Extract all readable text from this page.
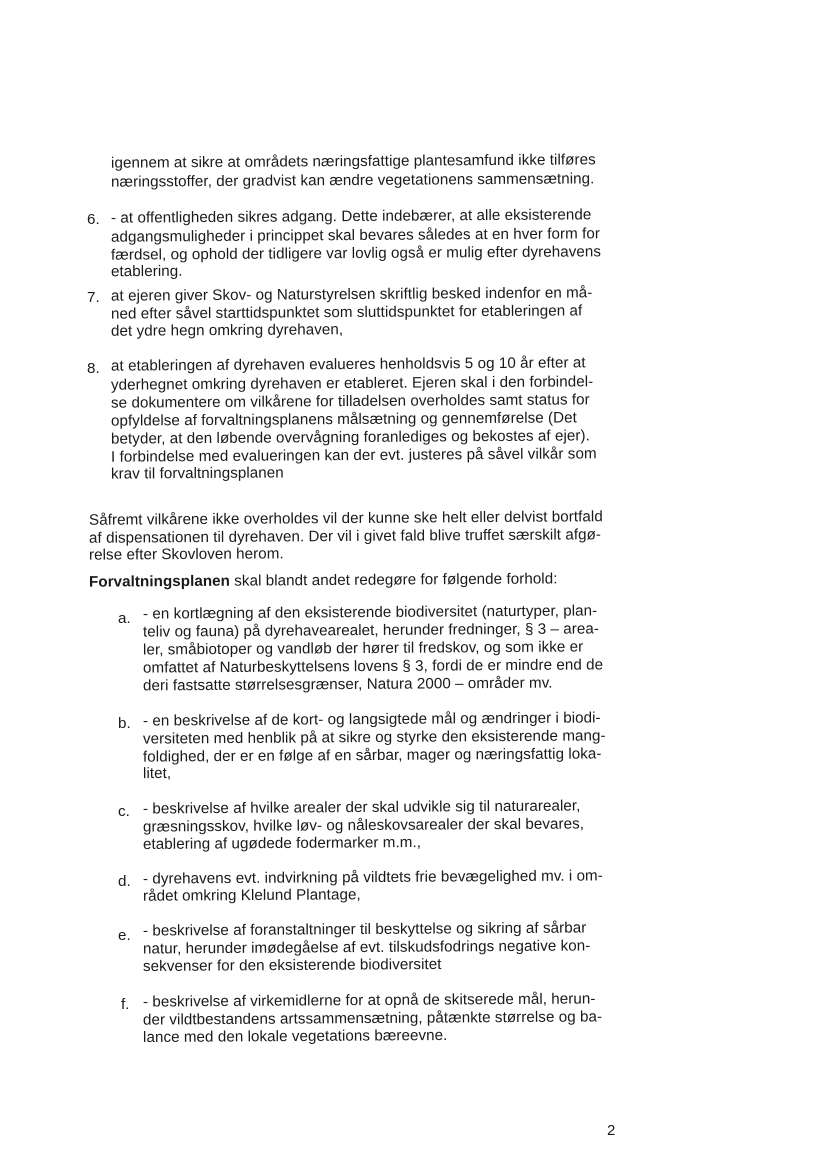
igennem at sikre at områdets næringsfattige plantesamfund ikke tilføres
næringsstoffer, der gradvist kan ændre vegetationens sammensætning.
6. - at offentligheden sikres adgang. Dette indebærer, at alle eksisterende
adgangsmuligheder i princippet skal bevares således at en hver form for
færdsel, og ophold der tidligere var lovlig også er mulig efter dyrehavens
etablering.
7. at ejeren giver Skov- og Naturstyrelsen skriftlig besked indenfor en må-
ned efter såvel starttidspunktet som sluttidspunktet for etableringen af
det ydre hegn omkring dyrehaven,
8. at etableringen af dyrehaven evalueres henholdsvis 5 og 10 år efter at
yderhegnet omkring dyrehaven er etableret. Ejeren skal i den forbindel-
se dokumentere om vilkårene for tilladelsen overholdes samt status for
opfyldelse af forvaltningsplanens målsætning og gennemførelse (Det
betyder, at den løbende overvågning foranlediges og bekostes af ejer).
I forbindelse med evalueringen kan der evt. justeres på såvel vilkår som
krav til forvaltningsplanen
Såfremt vilkårene ikke overholdes vil der kunne ske helt eller delvist bortfald
af dispensationen til dyrehaven. Der vil i givet fald blive truffet særskilt afgø-
relse efter Skovloven herom.
Forvaltningsplanen skal blandt andet redegøre for følgende forhold:
a. - en kortlægning af den eksisterende biodiversitet (naturtyper, plan-
teliv og fauna) på dyrehavearealet, herunder fredninger, § 3 – area-
ler, småbiotoper og vandløb der hører til fredskov, og som ikke er
omfattet af Naturbeskyttelsens lovens § 3, fordi de er mindre end de
deri fastsatte størrelsesgrænser, Natura 2000 – områder mv.
b. - en beskrivelse af de kort- og langsigtede mål og ændringer i biodi-
versiteten med henblik på at sikre og styrke den eksisterende mang-
foldighed, der er en følge af en sårbar, mager og næringsfattig loka-
litet,
c. - beskrivelse af hvilke arealer der skal udvikle sig til naturarealer,
græsningsskov, hvilke løv- og nåleskovsarealer der skal bevares,
etablering af ugødede fodermarker m.m.,
d. - dyrehavens evt. indvirkning på vildtets frie bevægelighed mv. i om-
rådet omkring Klelund Plantage,
e. - beskrivelse af foranstaltninger til beskyttelse og sikring af sårbar
natur, herunder imødegåelse af evt. tilskudsfodrings negative kon-
sekvenser for den eksisterende biodiversitet
f. - beskrivelse af virkemidlerne for at opnå de skitserede mål, herun-
der vildtbestandens artssammensætning, påtænkte størrelse og ba-
lance med den lokale vegetations bæreevne.
2
